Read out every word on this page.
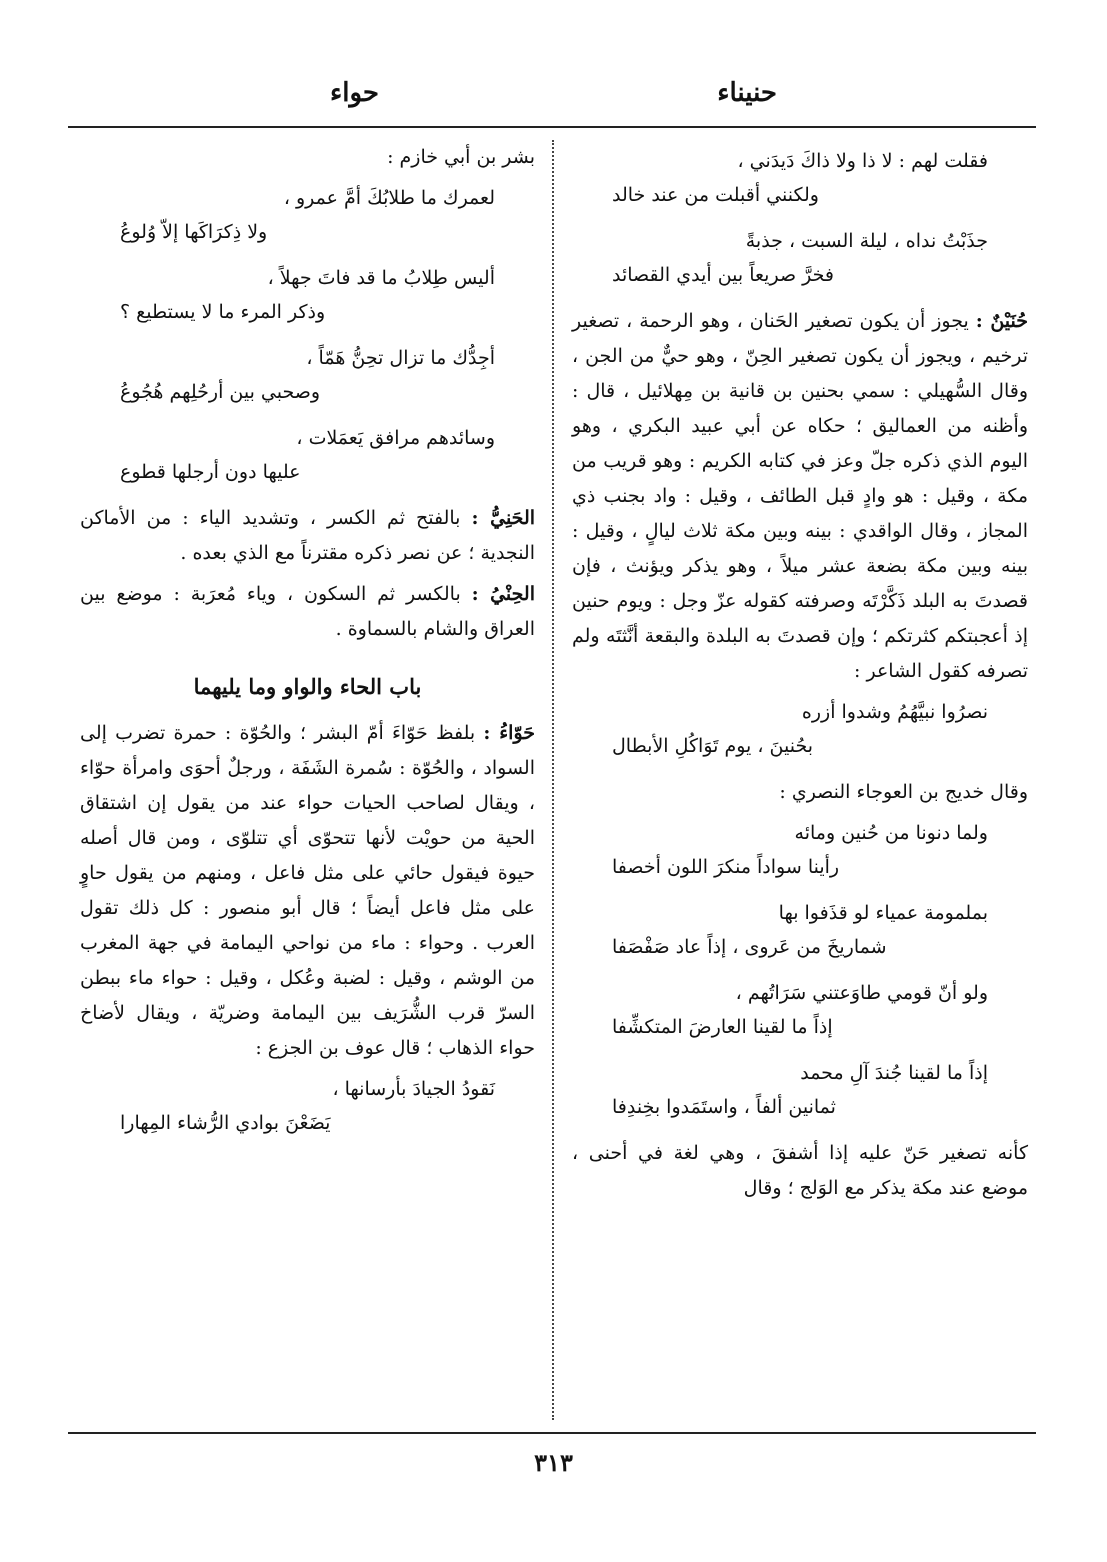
حنيناء
حواء
فقلت لهم : لا ذا ولا ذاكَ دَيدَني ،
ولكنني أقبلت من عند خالد
جذَبْتُ نداه ، ليلة السبت ، جذبةً
فخرَّ صريعاً بين أيدي القصائد

حُنَيْنٌ : يجوز أن يكون تصغير الحَنان ، وهو الرحمة ، تصغير ترخيم ، ويجوز أن يكون تصغير الحِنّ ، وهو حيٌّ من الجن ، وقال السُّهيلي : سمي بحنين بن قانية بن مِهلائيل ، قال : وأظنه من العماليق ؛ حكاه عن أبي عبيد البكري ، وهو اليوم الذي ذكره جلّ وعز في كتابه الكريم : وهو قريب من مكة ، وقيل : هو وادٍ قبل الطائف ، وقيل : واد بجنب ذي المجاز ، وقال الواقدي : بينه وبين مكة ثلاث ليالٍ ، وقيل : بينه وبين مكة بضعة عشر ميلاً ، وهو يذكر ويؤنث ، فإن قصدتَ به البلد ذَكَّرْتَه وصرفته كقوله عزّ وجل : ويوم حنين إذ أعجبتكم كثرتكم ؛ وإن قصدتَ به البلدة والبقعة أنَّثتَه ولم تصرفه كقول الشاعر :

نصرُوا نبيَّهُمُ وشدوا أزره
بحُنينَ ، يوم تَوَاكُلِ الأبطال

وقال خديج بن العوجاء النصري :

ولما دنونا من حُنين ومائه
رأينا سواداً منكرَ اللون أخصفا
بملمومة عمياء لو قذَفوا بها
شماريخَ من عَروى ، إذاً عاد صَفْصَفا
ولو أنّ قومي طاوَعتني سَرَاتُهم ،
إذاً ما لقينا العارضَ المتكشِّفا
إذاً ما لقينا جُندَ آلِ محمد
ثمانين ألفاً ، واستَمَدوا بخِندِفا

كأنه تصغير حَنّ عليه إذا أشفقَ ، وهي لغة في أحنى ، موضع عند مكة يذكر مع الوَلج ؛ وقال

بشر بن أبي خازم :

لعمرك ما طلابُكَ أمَّ عمرو ،
ولا ذِكرَاكَها إلاّ وُلوعُ
أليس طِلابُ ما قد فاتَ جهلاً ،
وذكر المرء ما لا يستطيع ؟
أجِدُّك ما تزال تحِنُّ هَمّاً ،
وصحبي بين أرحُلِهم هُجُوعُ
وسائدهم مرافق يَعمَلات ،
عليها دون أرجلها قطوع

الحَنِيُّ : بالفتح ثم الكسر ، وتشديد الياء : من الأماكن النجدية ؛ عن نصر ذكره مقترناً مع الذي بعده .

الحِنْيُ : بالكسر ثم السكون ، وياء مُعرَبة : موضع بين العراق والشام بالسماوة .

باب الحاء والواو وما يليهما

حَوّاءُ : بلفظ حَوّاءَ أمّ البشر ؛ والحُوّة : حمرة تضرب إلى السواد ، والحُوّة : سُمرة الشَفَة ، ورجلٌ أحوَى وامرأة حوّاء ، ويقال لصاحب الحيات حواء عند من يقول إن اشتقاق الحية من حويْت لأنها تتحوّى أي تتلوّى ، ومن قال أصله حيوة فيقول حائي على مثل فاعل ، ومنهم من يقول حاوٍ على مثل فاعل أيضاً ؛ قال أبو منصور : كل ذلك تقول العرب . وحواء : ماء من نواحي اليمامة في جهة المغرب من الوشم ، وقيل : لضبة وعُكل ، وقيل : حواء ماء ببطن السرّ قرب الشُّرَيف بين اليمامة وضريّة ، ويقال لأضاخ حواء الذهاب ؛ قال عوف بن الجزع :

نَقودُ الجيادَ بأرسانها ،
يَضَعْنَ بوادي الرُّشاء المِهارا
٣١٣
